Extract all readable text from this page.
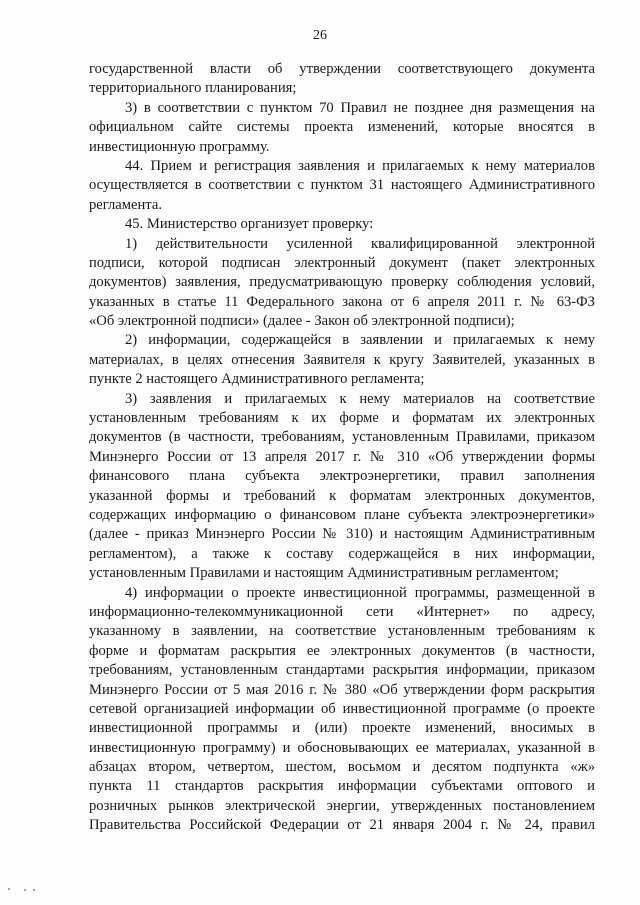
26
государственной власти об утверждении соответствующего документа
территориального планирования;
3) в соответствии с пунктом 70 Правил не позднее дня размещения на
официальном сайте системы проекта изменений, которые вносятся в
инвестиционную программу.
44. Прием и регистрация заявления и прилагаемых к нему материалов
осуществляется в соответствии с пунктом 31 настоящего Административного
регламента.
45. Министерство организует проверку:
1) действительности усиленной квалифицированной электронной
подписи, которой подписан электронный документ (пакет электронных
документов) заявления, предусматривающую проверку соблюдения условий,
указанных в статье 11 Федерального закона от 6 апреля 2011 г. № 63-ФЗ
«Об электронной подписи» (далее - Закон об электронной подписи);
2) информации, содержащейся в заявлении и прилагаемых к нему
материалах, в целях отнесения Заявителя к кругу Заявителей, указанных в
пункте 2 настоящего Административного регламента;
3) заявления и прилагаемых к нему материалов на соответствие
установленным требованиям к их форме и форматам их электронных
документов (в частности, требованиям, установленным Правилами, приказом
Минэнерго России от 13 апреля 2017 г. № 310 «Об утверждении формы
финансового плана субъекта электроэнергетики, правил заполнения
указанной формы и требований к форматам электронных документов,
содержащих информацию о финансовом плане субъекта электроэнергетики»
(далее - приказ Минэнерго России № 310) и настоящим Административным
регламентом), а также к составу содержащейся в них информации,
установленным Правилами и настоящим Административным регламентом;
4) информации о проекте инвестиционной программы, размещенной в
информационно-телекоммуникационной сети «Интернет» по адресу,
указанному в заявлении, на соответствие установленным требованиям к
форме и форматам раскрытия ее электронных документов (в частности,
требованиям, установленным стандартами раскрытия информации, приказом
Минэнерго России от 5 мая 2016 г. № 380 «Об утверждении форм раскрытия
сетевой организацией информации об инвестиционной программе (о проекте
инвестиционной программы и (или) проекте изменений, вносимых в
инвестиционную программу) и обосновывающих ее материалах, указанной в
абзацах втором, четвертом, шестом, восьмом и десятом подпункта «ж»
пункта 11 стандартов раскрытия информации субъектами оптового и
розничных рынков электрической энергии, утвержденных постановлением
Правительства Российской Федерации от 21 января 2004 г. № 24, правил
